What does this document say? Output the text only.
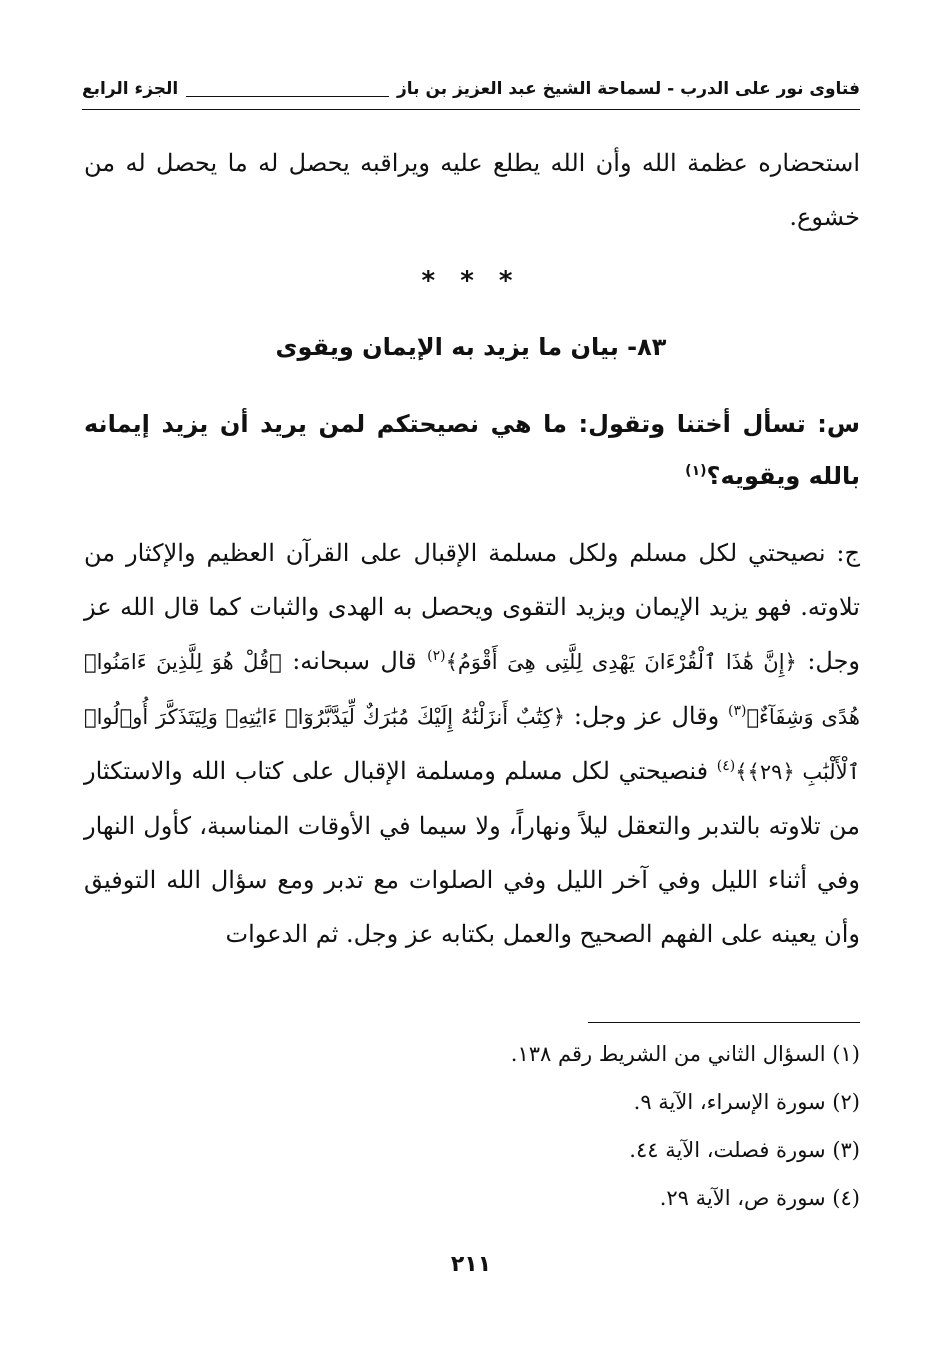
فتاوى نور على الدرب - لسماحة الشيخ عبد العزيز بن باز
الجزء الرابع
استحضاره عظمة الله وأن الله يطلع عليه ويراقبه يحصل له ما يحصل له من خشوع.
* * *
٨٣- بيان ما يزيد به الإيمان ويقوى
س: تسأل أختنا وتقول: ما هي نصيحتكم لمن يريد أن يزيد إيمانه بالله ويقويه؟$^{(١)}$
ج: نصيحتي لكل مسلم ولكل مسلمة الإقبال على القرآن العظيم والإكثار من تلاوته. فهو يزيد الإيمان ويزيد التقوى ويحصل به الهدى والثبات كما قال الله عز وجل: ﴿إِنَّ هَٰذَا ٱلْقُرْءَانَ يَهْدِى لِلَّتِى هِىَ أَقْوَمُ﴾$^{(٢)}$ قال سبحانه: ﴿قُلْ هُوَ لِلَّذِينَ ءَامَنُوا۟ هُدًى وَشِفَآءٌ﴾$^{(٣)}$ وقال عز وجل: ﴿كِتَٰبٌ أَنزَلْنَٰهُ إِلَيْكَ مُبَٰرَكٌ لِّيَدَّبَّرُوٓا۟ ءَايَٰتِهِۦ وَلِيَتَذَكَّرَ أُو۟لُوا۟ ٱلْأَلْبَٰبِ ﴿٢٩﴾﴾$^{(٤)}$ فنصيحتي لكل مسلم ومسلمة الإقبال على كتاب الله والاستكثار من تلاوته بالتدبر والتعقل ليلاً ونهاراً، ولا سيما في الأوقات المناسبة، كأول النهار وفي أثناء الليل وفي آخر الليل وفي الصلوات مع تدبر ومع سؤال الله التوفيق وأن يعينه على الفهم الصحيح والعمل بكتابه عز وجل. ثم الدعوات
(١) السؤال الثاني من الشريط رقم ١٣٨.
(٢) سورة الإسراء، الآية ٩.
(٣) سورة فصلت، الآية ٤٤.
(٤) سورة ص، الآية ٢٩.
٢١١
